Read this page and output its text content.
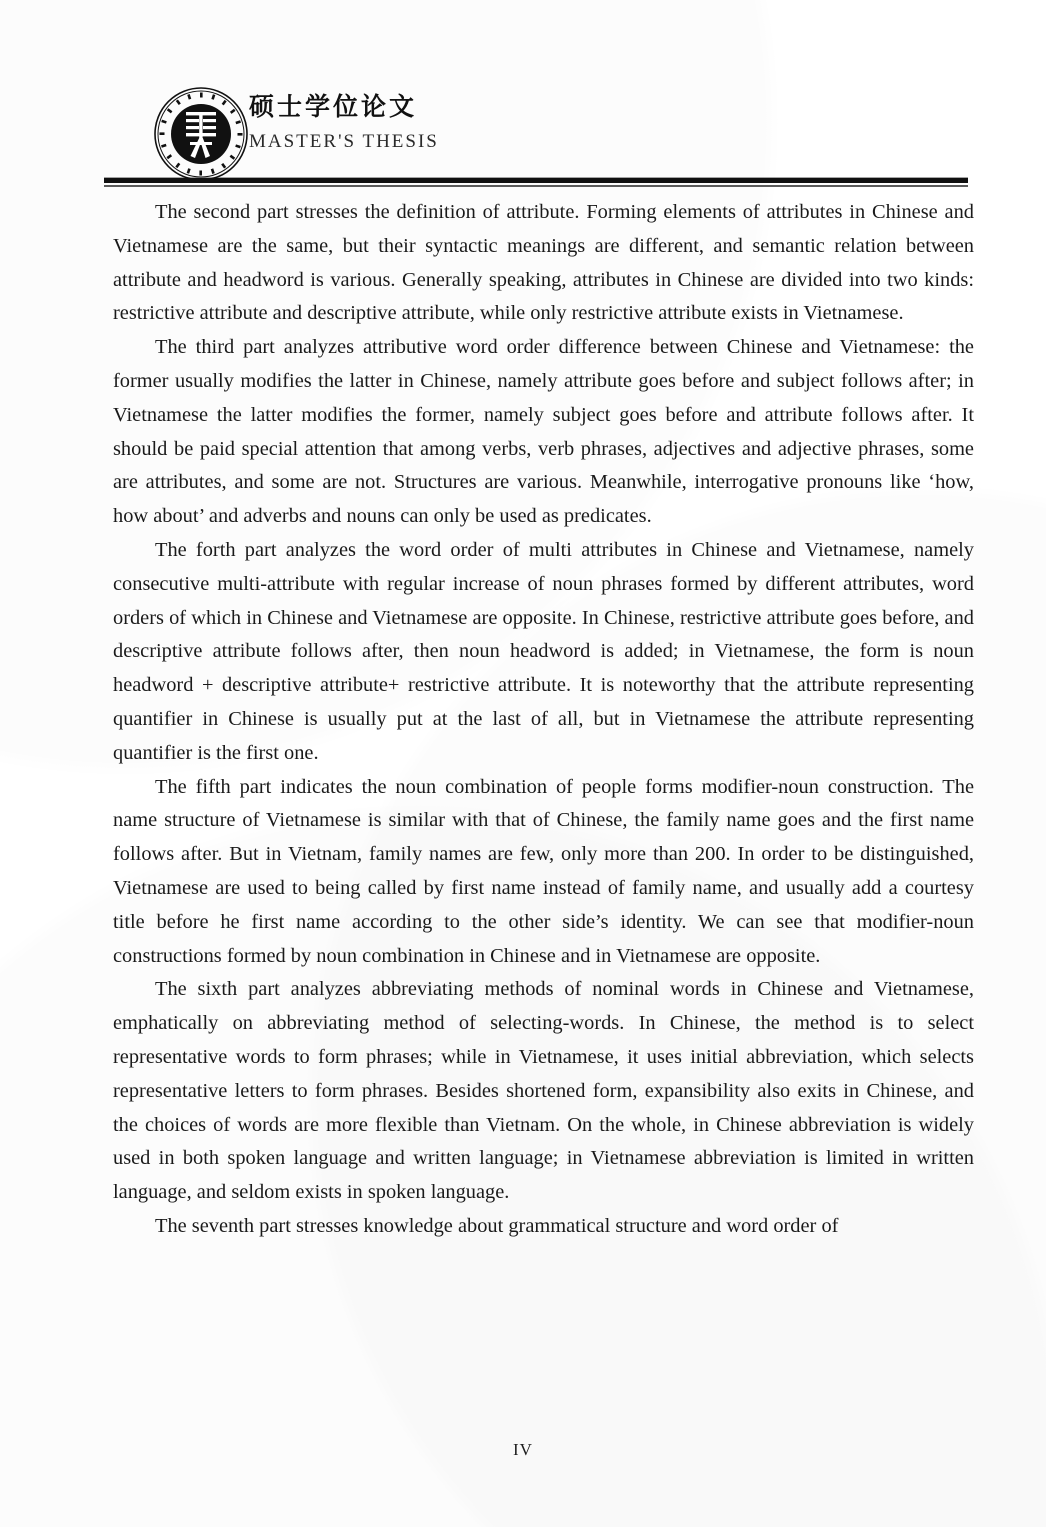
硕士学位论文
MASTER'S THESIS

The second part stresses the definition of attribute. Forming elements of attributes in Chinese and Vietnamese are the same, but their syntactic meanings are different, and semantic relation between attribute and headword is various. Generally speaking, attributes in Chinese are divided into two kinds: restrictive attribute and descriptive attribute, while only restrictive attribute exists in Vietnamese.

The third part analyzes attributive word order difference between Chinese and Vietnamese: the former usually modifies the latter in Chinese, namely attribute goes before and subject follows after; in Vietnamese the latter modifies the former, namely subject goes before and attribute follows after. It should be paid special attention that among verbs, verb phrases, adjectives and adjective phrases, some are attributes, and some are not. Structures are various. Meanwhile, interrogative pronouns like ‘how, how about’ and adverbs and nouns can only be used as predicates.

The forth part analyzes the word order of multi attributes in Chinese and Vietnamese, namely consecutive multi-attribute with regular increase of noun phrases formed by different attributes, word orders of which in Chinese and Vietnamese are opposite. In Chinese, restrictive attribute goes before, and descriptive attribute follows after, then noun headword is added; in Vietnamese, the form is noun headword + descriptive attribute+ restrictive attribute. It is noteworthy that the attribute representing quantifier in Chinese is usually put at the last of all, but in Vietnamese the attribute representing quantifier is the first one.

The fifth part indicates the noun combination of people forms modifier-noun construction. The name structure of Vietnamese is similar with that of Chinese, the family name goes and the first name follows after. But in Vietnam, family names are few, only more than 200. In order to be distinguished, Vietnamese are used to being called by first name instead of family name, and usually add a courtesy title before he first name according to the other side’s identity. We can see that modifier-noun constructions formed by noun combination in Chinese and in Vietnamese are opposite.

The sixth part analyzes abbreviating methods of nominal words in Chinese and Vietnamese, emphatically on abbreviating method of selecting-words. In Chinese, the method is to select representative words to form phrases; while in Vietnamese, it uses initial abbreviation, which selects representative letters to form phrases. Besides shortened form, expansibility also exits in Chinese, and the choices of words are more flexible than Vietnam. On the whole, in Chinese abbreviation is widely used in both spoken language and written language; in Vietnamese abbreviation is limited in written language, and seldom exists in spoken language.

The seventh part stresses knowledge about grammatical structure and word order of

IV
